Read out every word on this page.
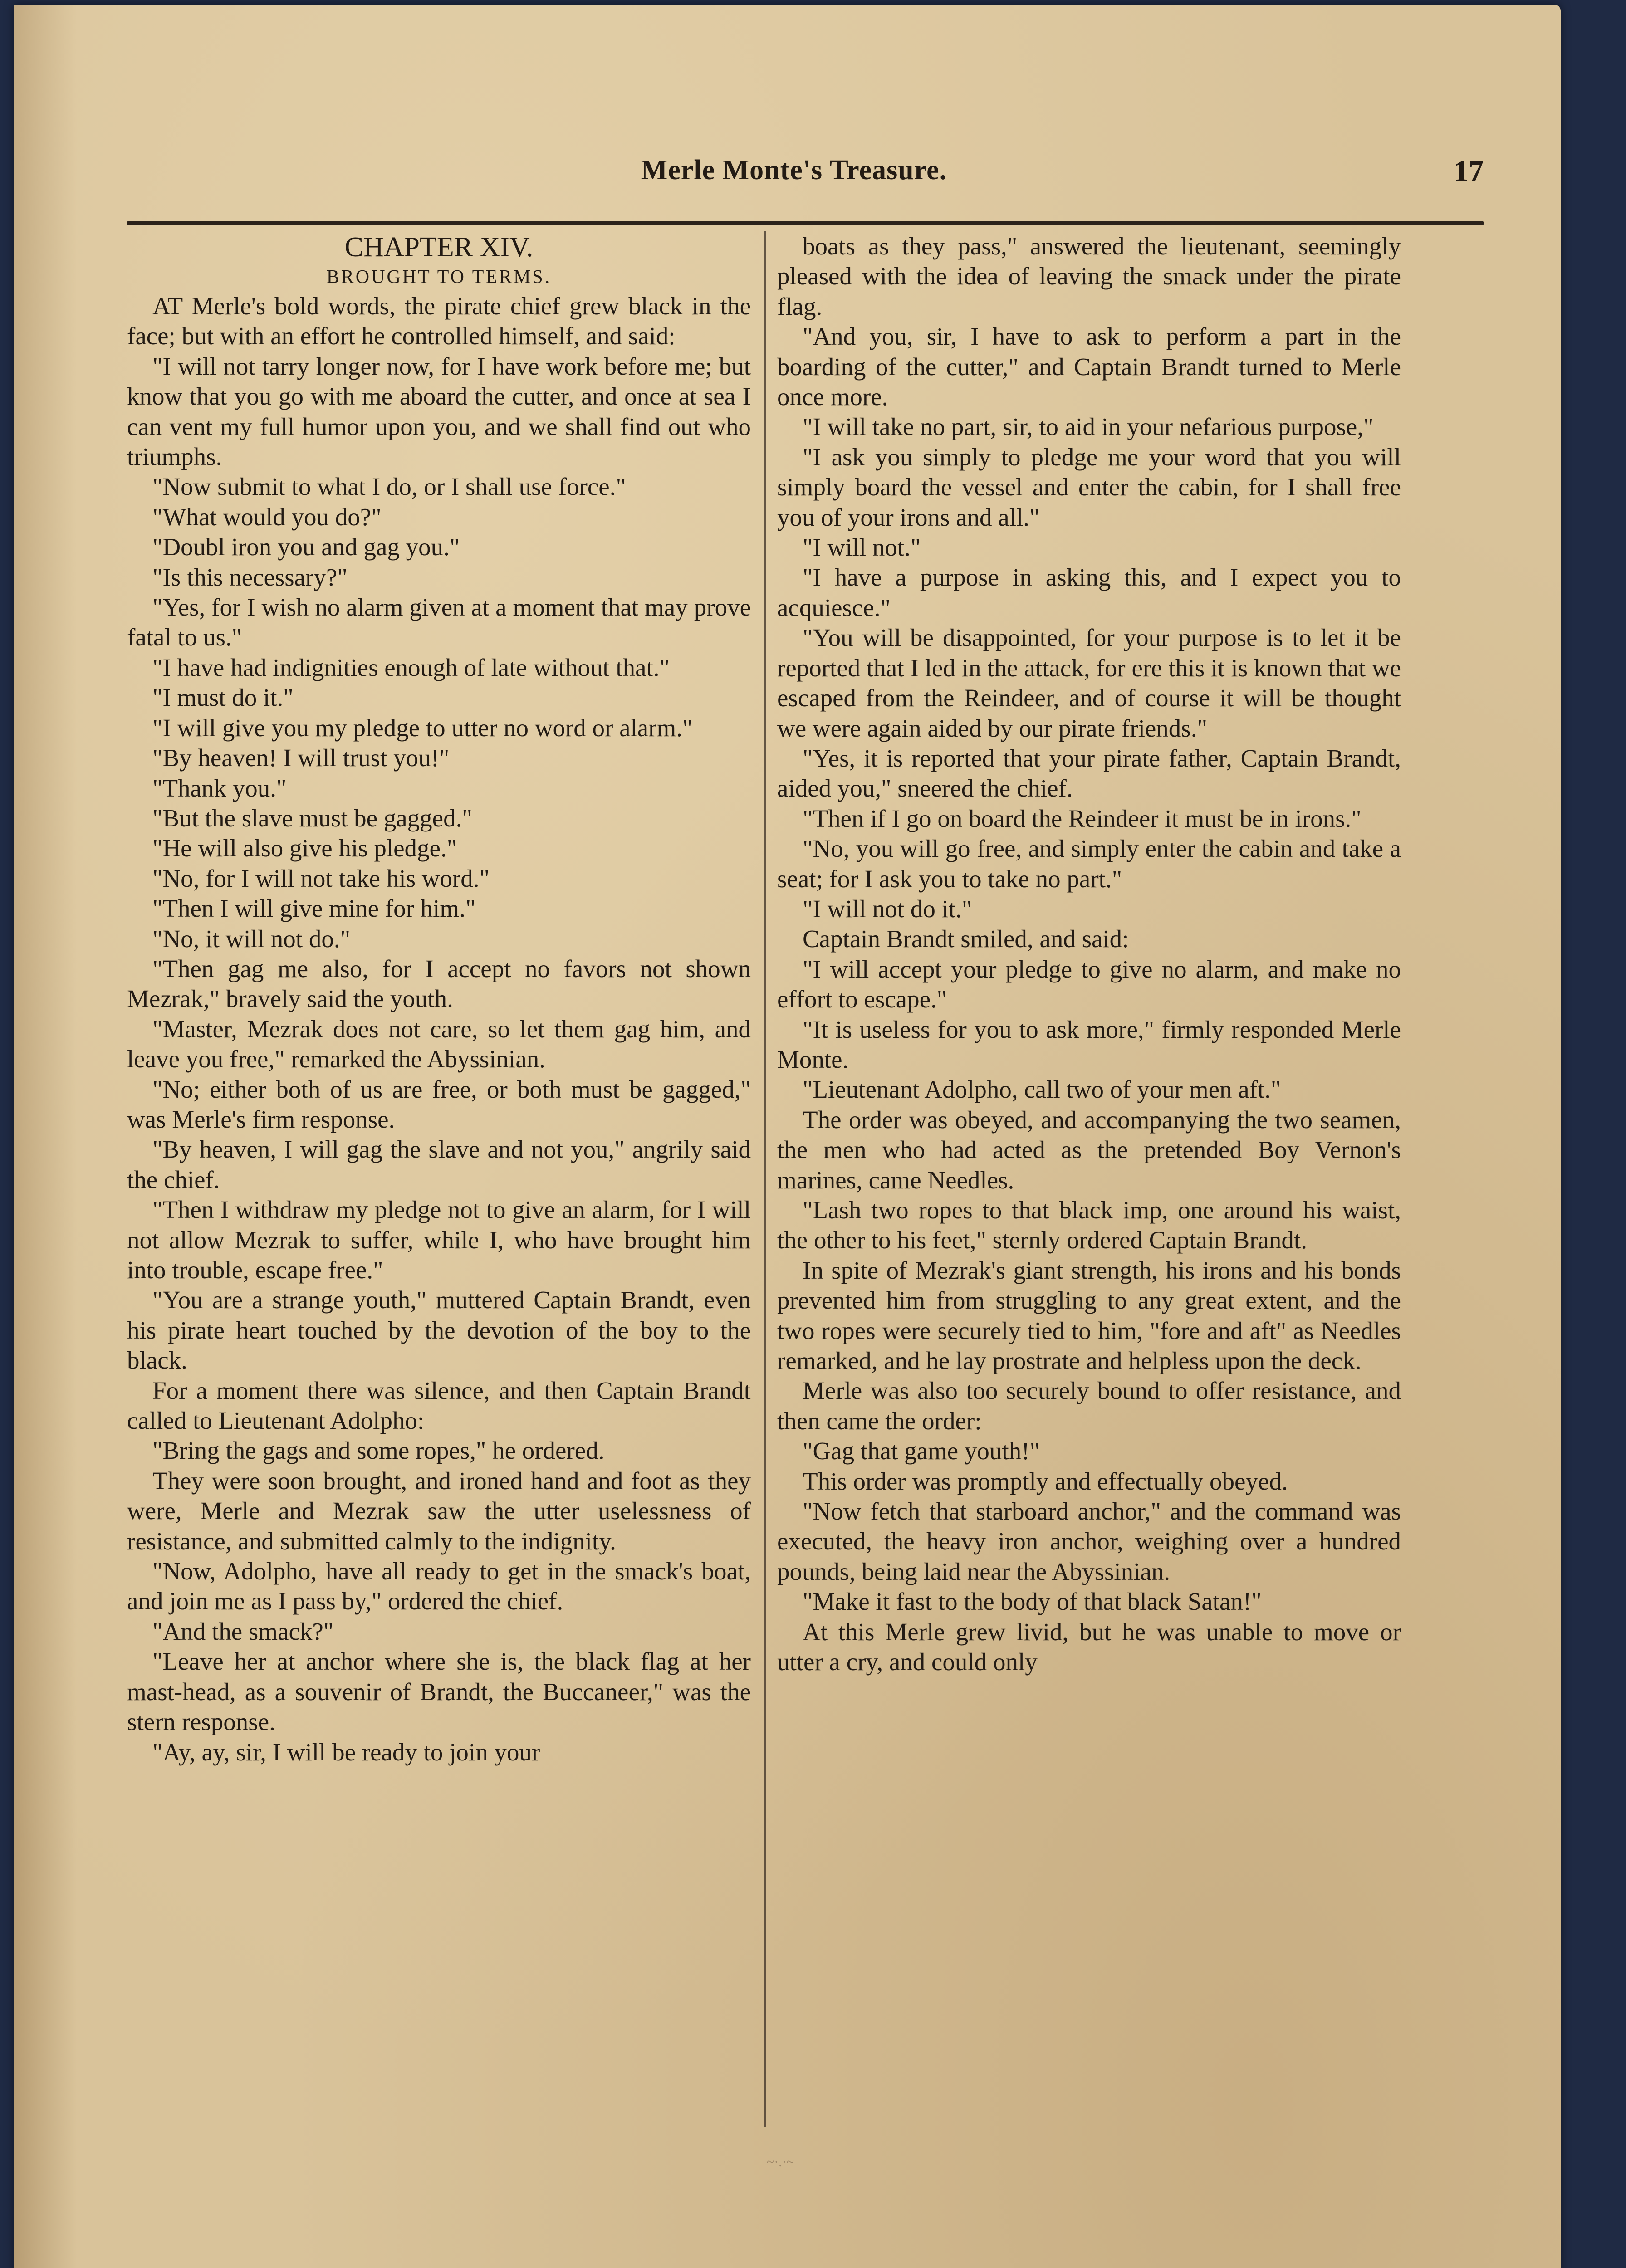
Merle Monte's Treasure.	17

CHAPTER XIV.

BROUGHT TO TERMS.

AT Merle's bold words, the pirate chief grew black in the face; but with an effort he controlled himself, and said:

"I will not tarry longer now, for I have work before me; but know that you go with me aboard the cutter, and once at sea I can vent my full humor upon you, and we shall find out who triumphs.

"Now submit to what I do, or I shall use force."

"What would you do?"

"Doubl iron you and gag you."

"Is this necessary?"

"Yes, for I wish no alarm given at a moment that may prove fatal to us."

"I have had indignities enough of late without that."

"I must do it."

"I will give you my pledge to utter no word or alarm."

"By heaven! I will trust you!"

"Thank you."

"But the slave must be gagged."

"He will also give his pledge."

"No, for I will not take his word."

"Then I will give mine for him."

"No, it will not do."

"Then gag me also, for I accept no favors not shown Mezrak," bravely said the youth.

"Master, Mezrak does not care, so let them gag him, and leave you free," remarked the Abyssinian.

"No; either both of us are free, or both must be gagged," was Merle's firm response.

"By heaven, I will gag the slave and not you," angrily said the chief.

"Then I withdraw my pledge not to give an alarm, for I will not allow Mezrak to suffer, while I, who have brought him into trouble, escape free."

"You are a strange youth," muttered Captain Brandt, even his pirate heart touched by the devotion of the boy to the black.

For a moment there was silence, and then Captain Brandt called to Lieutenant Adolpho:

"Bring the gags and some ropes," he ordered.

They were soon brought, and ironed hand and foot as they were, Merle and Mezrak saw the utter uselessness of resistance, and submitted calmly to the indignity.

"Now, Adolpho, have all ready to get in the smack's boat, and join me as I pass by," ordered the chief.

"And the smack?"

"Leave her at anchor where she is, the black flag at her mast-head, as a souvenir of Brandt, the Buccaneer," was the stern response.

"Ay, ay, sir, I will be ready to join your

boats as they pass," answered the lieutenant, seemingly pleased with the idea of leaving the smack under the pirate flag.

"And you, sir, I have to ask to perform a part in the boarding of the cutter," and Captain Brandt turned to Merle once more.

"I will take no part, sir, to aid in your nefarious purpose,"

"I ask you simply to pledge me your word that you will simply board the vessel and enter the cabin, for I shall free you of your irons and all."

"I will not."

"I have a purpose in asking this, and I expect you to acquiesce."

"You will be disappointed, for your purpose is to let it be reported that I led in the attack, for ere this it is known that we escaped from the Reindeer, and of course it will be thought we were again aided by our pirate friends."

"Yes, it is reported that your pirate father, Captain Brandt, aided you," sneered the chief.

"Then if I go on board the Reindeer it must be in irons."

"No, you will go free, and simply enter the cabin and take a seat; for I ask you to take no part."

"I will not do it."

Captain Brandt smiled, and said:

"I will accept your pledge to give no alarm, and make no effort to escape."

"It is useless for you to ask more," firmly responded Merle Monte.

"Lieutenant Adolpho, call two of your men aft."

The order was obeyed, and accompanying the two seamen, the men who had acted as the pretended Boy Vernon's marines, came Needles.

"Lash two ropes to that black imp, one around his waist, the other to his feet," sternly ordered Captain Brandt.

In spite of Mezrak's giant strength, his irons and his bonds prevented him from struggling to any great extent, and the two ropes were securely tied to him, "fore and aft" as Needles remarked, and he lay prostrate and helpless upon the deck.

Merle was also too securely bound to offer resistance, and then came the order:

"Gag that game youth!"

This order was promptly and effectually obeyed.

"Now fetch that starboard anchor," and the command was executed, the heavy iron anchor, weighing over a hundred pounds, being laid near the Abyssinian.

"Make it fast to the body of that black Satan!"

At this Merle grew livid, but he was unable to move or utter a cry, and could only

~·.·~
